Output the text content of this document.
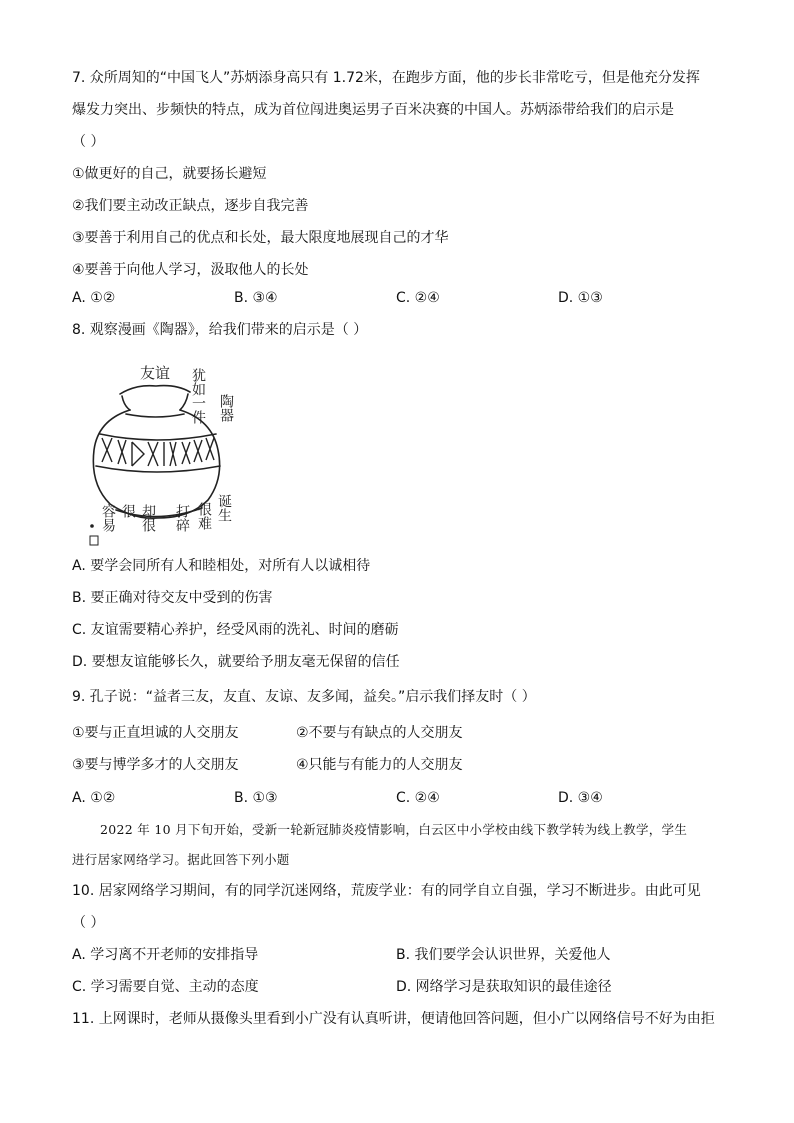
7. 众所周知的“中国飞人”苏炳添身高只有 1.72米，在跑步方面，他的步长非常吃亏，但是他充分发挥
爆发力突出、步频快的特点，成为首位闯进奥运男子百米决赛的中国人。苏炳添带给我们的启示是
（ ）
①做更好的自己，就要扬长避短
②我们要主动改正缺点，逐步自我完善
③要善于利用自己的优点和长处，最大限度地展现自己的才华
④要善于向他人学习，汲取他人的长处
A. ①②	B. ③④	C. ②④	D. ①③
8. 观察漫画《陶器》，给我们带来的启示是（ ）
友谊 犹如一件 陶器
诞生
很难
打碎
却很
容易 很
A. 要学会同所有人和睦相处，对所有人以诚相待
B. 要正确对待交友中受到的伤害
C. 友谊需要精心养护，经受风雨的洗礼、时间的磨砺
D. 要想友谊能够长久，就要给予朋友毫无保留的信任
9. 孔子说：“益者三友，友直、友谅、友多闻，益矣。”启示我们择友时（ ）
①要与正直坦诚的人交朋友	②不要与有缺点的人交朋友
③要与博学多才的人交朋友	④只能与有能力的人交朋友
A. ①②	B. ①③	C. ②④	D. ③④
2022 年 10 月下旬开始，受新一轮新冠肺炎疫情影响，白云区中小学校由线下教学转为线上教学，学生
进行居家网络学习。据此回答下列小题
10. 居家网络学习期间，有的同学沉迷网络，荒废学业：有的同学自立自强，学习不断进步。由此可见
（ ）
A. 学习离不开老师的安排指导	B. 我们要学会认识世界，关爱他人
C. 学习需要自觉、主动的态度	D. 网络学习是获取知识的最佳途径
11. 上网课时，老师从摄像头里看到小广没有认真听讲，便请他回答问题，但小广以网络信号不好为由拒
